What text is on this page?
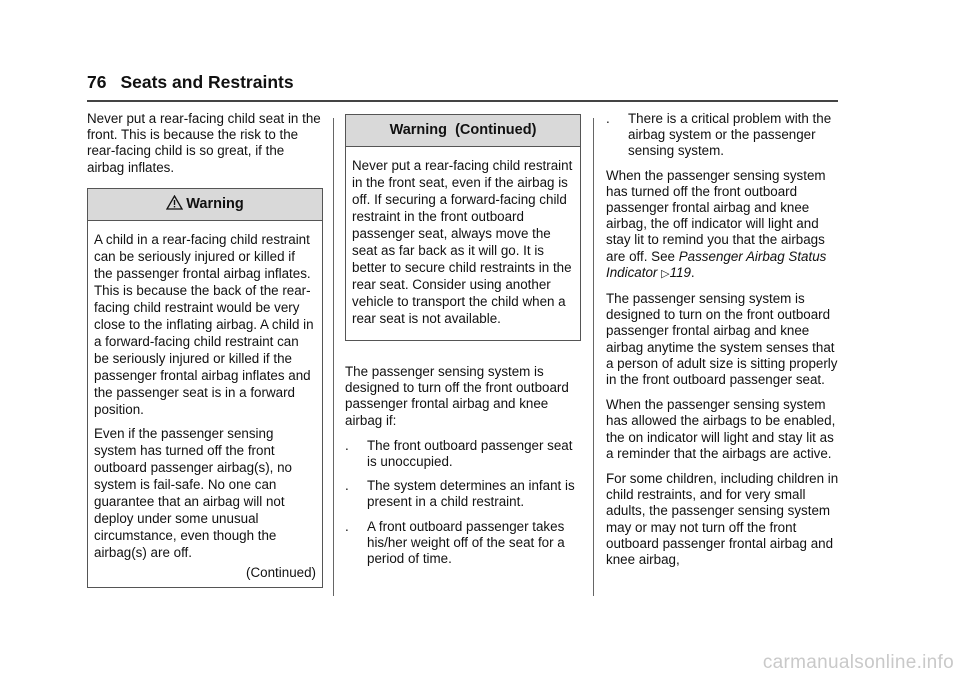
76 Seats and Restraints

Never put a rear-facing child seat in the front. This is because the risk to the rear-facing child is so great, if the airbag inflates.

Warning

A child in a rear-facing child restraint can be seriously injured or killed if the passenger frontal airbag inflates. This is because the back of the rear-facing child restraint would be very close to the inflating airbag. A child in a forward-facing child restraint can be seriously injured or killed if the passenger frontal airbag inflates and the passenger seat is in a forward position.

Even if the passenger sensing system has turned off the front outboard passenger airbag(s), no system is fail-safe. No one can guarantee that an airbag will not deploy under some unusual circumstance, even though the airbag(s) are off.

(Continued)
Warning  (Continued)

Never put a rear-facing child restraint in the front seat, even if the airbag is off. If securing a forward-facing child restraint in the front outboard passenger seat, always move the seat as far back as it will go. It is better to secure child restraints in the rear seat. Consider using another vehicle to transport the child when a rear seat is not available.

The passenger sensing system is designed to turn off the front outboard passenger frontal airbag and knee airbag if:

.	The front outboard passenger seat is unoccupied.
.	The system determines an infant is present in a child restraint.
.	A front outboard passenger takes his/her weight off of the seat for a period of time.
.	There is a critical problem with the airbag system or the passenger sensing system.

When the passenger sensing system has turned off the front outboard passenger frontal airbag and knee airbag, the off indicator will light and stay lit to remind you that the airbags are off. See Passenger Airbag Status Indicator ▷119.

The passenger sensing system is designed to turn on the front outboard passenger frontal airbag and knee airbag anytime the system senses that a person of adult size is sitting properly in the front outboard passenger seat.

When the passenger sensing system has allowed the airbags to be enabled, the on indicator will light and stay lit as a reminder that the airbags are active.

For some children, including children in child restraints, and for very small adults, the passenger sensing system may or may not turn off the front outboard passenger frontal airbag and knee airbag,

carmanualsonline.info
